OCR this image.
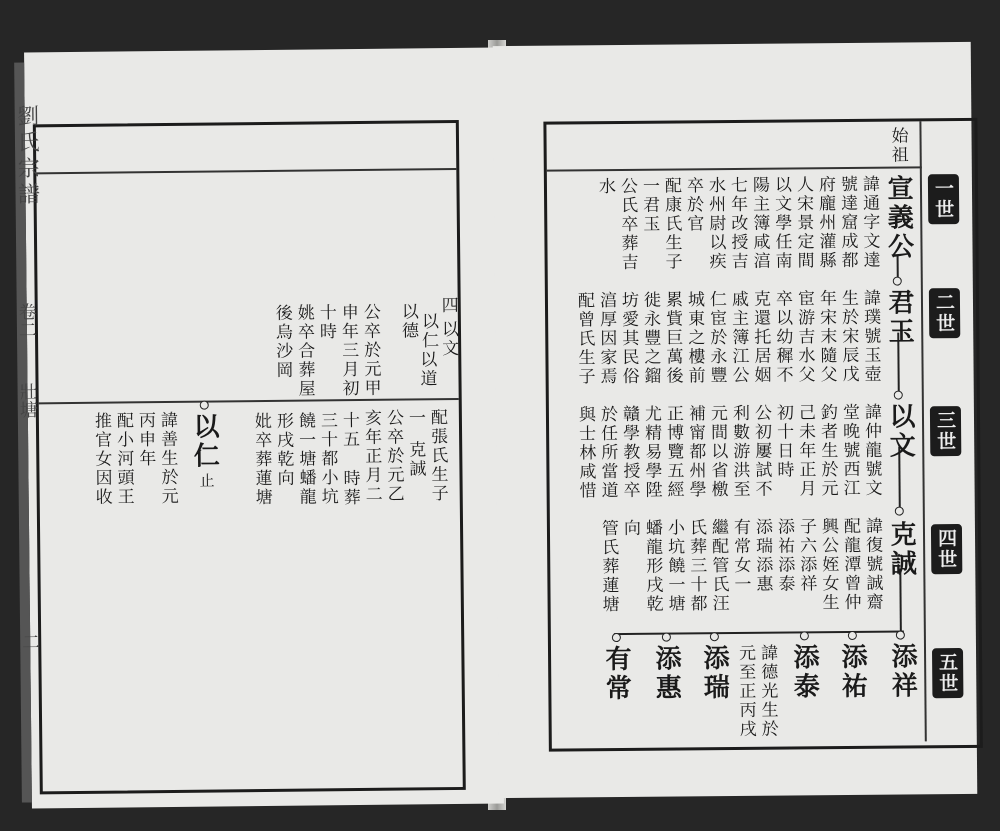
劉氏宗譜
卷二
壯塘
二
四
以仁 以文
以德
以道
配張氏生子
一
克誠
公卒於元乙
亥年正月二
公卒於元甲
申年三月初
十時
十五
時葬
姚卒合葬屋
後烏沙岡
三十都小坑
饒一塘蟠龍
形戌乾向
妣卒葬蓮塘
以仁
止
諱善生於元
丙申年
配小河頭王
推官女因收
始祖
一世
二世
三世
四世
五世
宣義公
君玉
以文
克誠
添祥
添祐
添泰
添瑞
添惠
有常	諱德光生於
元至正丙戌
諱通字文達
號達窟成都
府龐州灌縣
人宋景定間
以文學任南
陽主簿咸湻
七年改授吉
水州尉以疾
卒於官
配康氏生子
一君玉
公氏卒葬吉
水
諱璞號玉壺
生於宋辰戊
年宋末隨父
宦游吉水父
卒以幼穉不
克還托居姻
戚主簿江公
仁宦於永豐
城東之樓前
累貲巨萬後
徙永豐之鎦
坊愛其民俗
湻厚因家焉
配曾氏生子
諱仲龍號文
堂晚號西江
釣者生於元
己未年正月
初十日時
公初屢試不
利數游洪至
元間以省檄
補甯都州學
正博覽五經
尤精易學陞
贛學教授卒
於任所當道
與士林咸惜
諱復號誠齋
配龍潭曾仲
興公姪女生
子六添祥
添祐添泰
添瑞添惠
有常女一
繼配管氏汪
氏葬三十都
小坑饒一塘
蟠龍形戌乾
向
管氏葬蓮塘
